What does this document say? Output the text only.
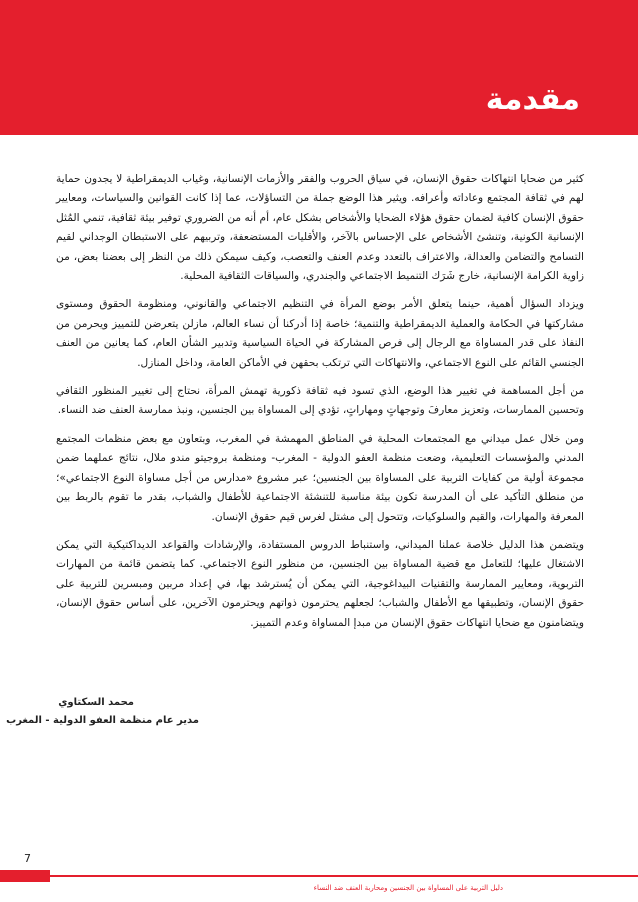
مقدمة

كثير من ضحايا انتهاكات حقوق الإنسان، في سياق الحروب والفقر والأزمات الإنسانية، وغياب الديمقراطية لا يجدون حماية لهم في ثقافة المجتمع وعاداته وأعرافه. ويثير هذا الوضع جملة من التساؤلات، عما إذا كانت القوانين والسياسات، ومعايير حقوق الإنسان كافية لضمان حقوق هؤلاء الضحايا والأشخاص بشكل عام، أم أنه من الضروري توفير بيئة ثقافية، تنمي المُثل الإنسانية الكونية، وتنشئ الأشخاص على الإحساس بالآخر، والأقليات المستضعفة، وتربيهم على الاستبطان الوجداني لقيم التسامح والتضامن والعدالة، والاعتراف بالتعدد وعدم العنف والتعصب، وكيف سيمكن ذلك من النظر إلى بعضنا بعض، من زاوية الكرامة الإنسانية، خارج شَرَك التنميط الاجتماعي والجندري، والسياقات الثقافية المحلية.

ويزداد السؤال أهمية، حينما يتعلق الأمر بوضع المرأة في التنظيم الاجتماعي والقانوني، ومنظومة الحقوق ومستوى مشاركتها في الحكامة والعملية الديمقراطية والتنمية؛ خاصة إذا أدركنا أن نساء العالم، مازلن يتعرضن للتمييز ويحرمن من النفاذ على قدر المساواة مع الرجال إلى فرص المشاركة في الحياة السياسية وتدبير الشأن العام، كما يعانين من العنف الجنسي القائم على النوع الاجتماعي، والانتهاكات التي ترتكب بحقهن في الأماكن العامة، وداخل المنازل.

من أجل المساهمة في تغيير هذا الوضع، الذي تسود فيه ثقافة ذكورية تهمش المرأة، نحتاج إلى تغيير المنظور الثقافي وتحسين الممارسات، وتعزيز معارفَ وتوجهاتٍ ومهاراتٍ، تؤدي إلى المساواة بين الجنسين، ونبذ ممارسة العنف ضد النساء.

ومن خلال عمل ميداني مع المجتمعات المحلية في المناطق المهمشة في المغرب، وبتعاون مع بعض منظمات المجتمع المدني والمؤسسات التعليمية، وضعت منظمة العفو الدولية - المغرب- ومنظمة بروجيتو مندو ملال، نتائج عملهما ضمن مجموعة أولية من كفايات التربية على المساواة بين الجنسين؛ عبر مشروع «مدارس من أجل مساواة النوع الاجتماعي»؛ من منطلق التأكيد على أن المدرسة تكون بيئة مناسبة للتنشئة الاجتماعية للأطفال والشباب، بقدر ما تقوم بالربط بين المعرفة والمهارات، والقيم والسلوكيات، وتتحول إلى مشتل لغرس قيم حقوق الإنسان.

ويتضمن هذا الدليل خلاصة عملنا الميداني، واستنباط الدروس المستفادة، والإرشادات والقواعد الديداكتيكية التي يمكن الاشتغال عليها؛ للتعامل مع قضية المساواة بين الجنسين، من منظور النوع الاجتماعي. كما يتضمن قائمة من المهارات التربوية، ومعايير الممارسة والتقنيات البيداغوجية، التي يمكن أن يُسترشد بها، في إعداد مربين ومبسرين للتربية على حقوق الإنسان، وتطبيقها مع الأطفال والشباب؛ لجعلهم يحترمون ذواتهم ويحترمون الآخرين، على أساس حقوق الإنسان، ويتضامنون مع ضحايا انتهاكات حقوق الإنسان من مبدإ المساواة وعدم التمييز.

محمد السكتاوي
مدير عام منظمة العفو الدولية - المغرب
7
دليل التربية على المساواة بين الجنسين ومحاربة العنف ضد النساء
